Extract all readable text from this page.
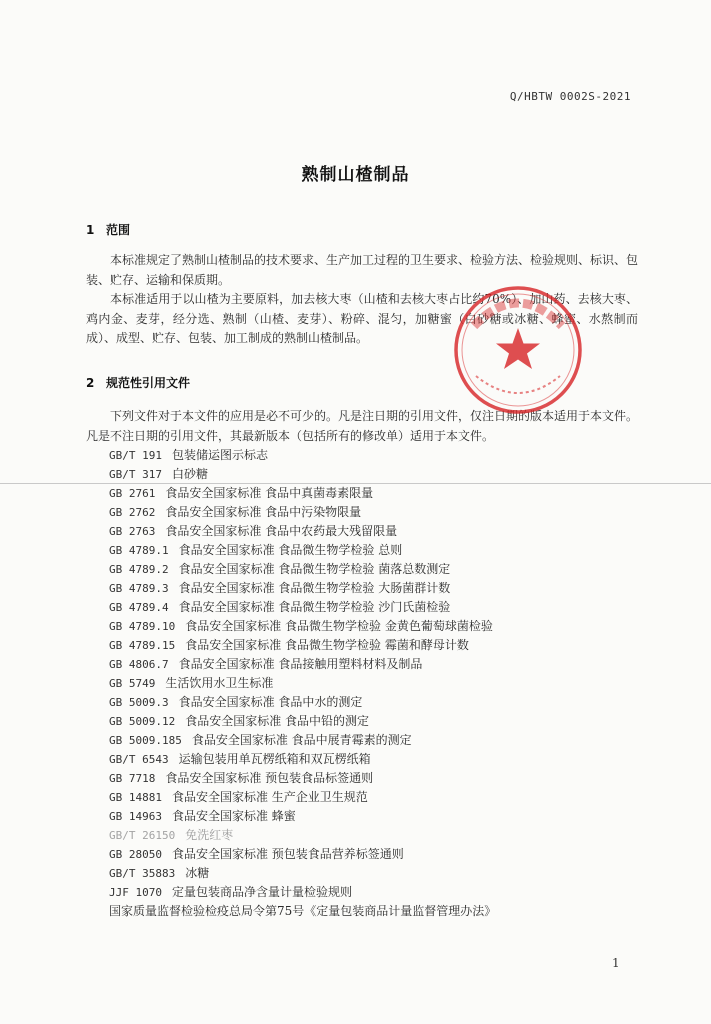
Q/HBTW 0002S-2021
熟制山楂制品
1 范围

本标准规定了熟制山楂制品的技术要求、生产加工过程的卫生要求、检验方法、检验规则、标识、包装、贮存、运输和保质期。

本标准适用于以山楂为主要原料，加去核大枣（山楂和去核大枣占比约70%）、加山药、去核大枣、鸡内金、麦芽，经分选、熟制（山楂、麦芽）、粉碎、混匀，加糖蜜（白砂糖或冰糖、蜂蜜、水熬制而成）、成型、贮存、包装、加工制成的熟制山楂制品。

2 规范性引用文件

下列文件对于本文件的应用是必不可少的。凡是注日期的引用文件，仅注日期的版本适用于本文件。凡是不注日期的引用文件，其最新版本（包括所有的修改单）适用于本文件。

GB/T 191 包装储运图示标志
GB/T 317 白砂糖
GB 2761 食品安全国家标准 食品中真菌毒素限量
GB 2762 食品安全国家标准 食品中污染物限量
GB 2763 食品安全国家标准 食品中农药最大残留限量
GB 4789.1 食品安全国家标准 食品微生物学检验 总则
GB 4789.2 食品安全国家标准 食品微生物学检验 菌落总数测定
GB 4789.3 食品安全国家标准 食品微生物学检验 大肠菌群计数
GB 4789.4 食品安全国家标准 食品微生物学检验 沙门氏菌检验
GB 4789.10 食品安全国家标准 食品微生物学检验 金黄色葡萄球菌检验
GB 4789.15 食品安全国家标准 食品微生物学检验 霉菌和酵母计数
GB 4806.7 食品安全国家标准 食品接触用塑料材料及制品
GB 5749 生活饮用水卫生标准
GB 5009.3 食品安全国家标准 食品中水的测定
GB 5009.12 食品安全国家标准 食品中铅的测定
GB 5009.185 食品安全国家标准 食品中展青霉素的测定
GB/T 6543 运输包装用单瓦楞纸箱和双瓦楞纸箱
GB 7718 食品安全国家标准 预包装食品标签通则
GB 14881 食品安全国家标准 生产企业卫生规范
GB 14963 食品安全国家标准 蜂蜜
GB/T 26150 免洗红枣
GB 28050 食品安全国家标准 预包装食品营养标签通则
GB/T 35883 冰糖
JJF 1070 定量包装商品净含量计量检验规则
国家质量监督检验检疫总局令第75号《定量包装商品计量监督管理办法》
1
